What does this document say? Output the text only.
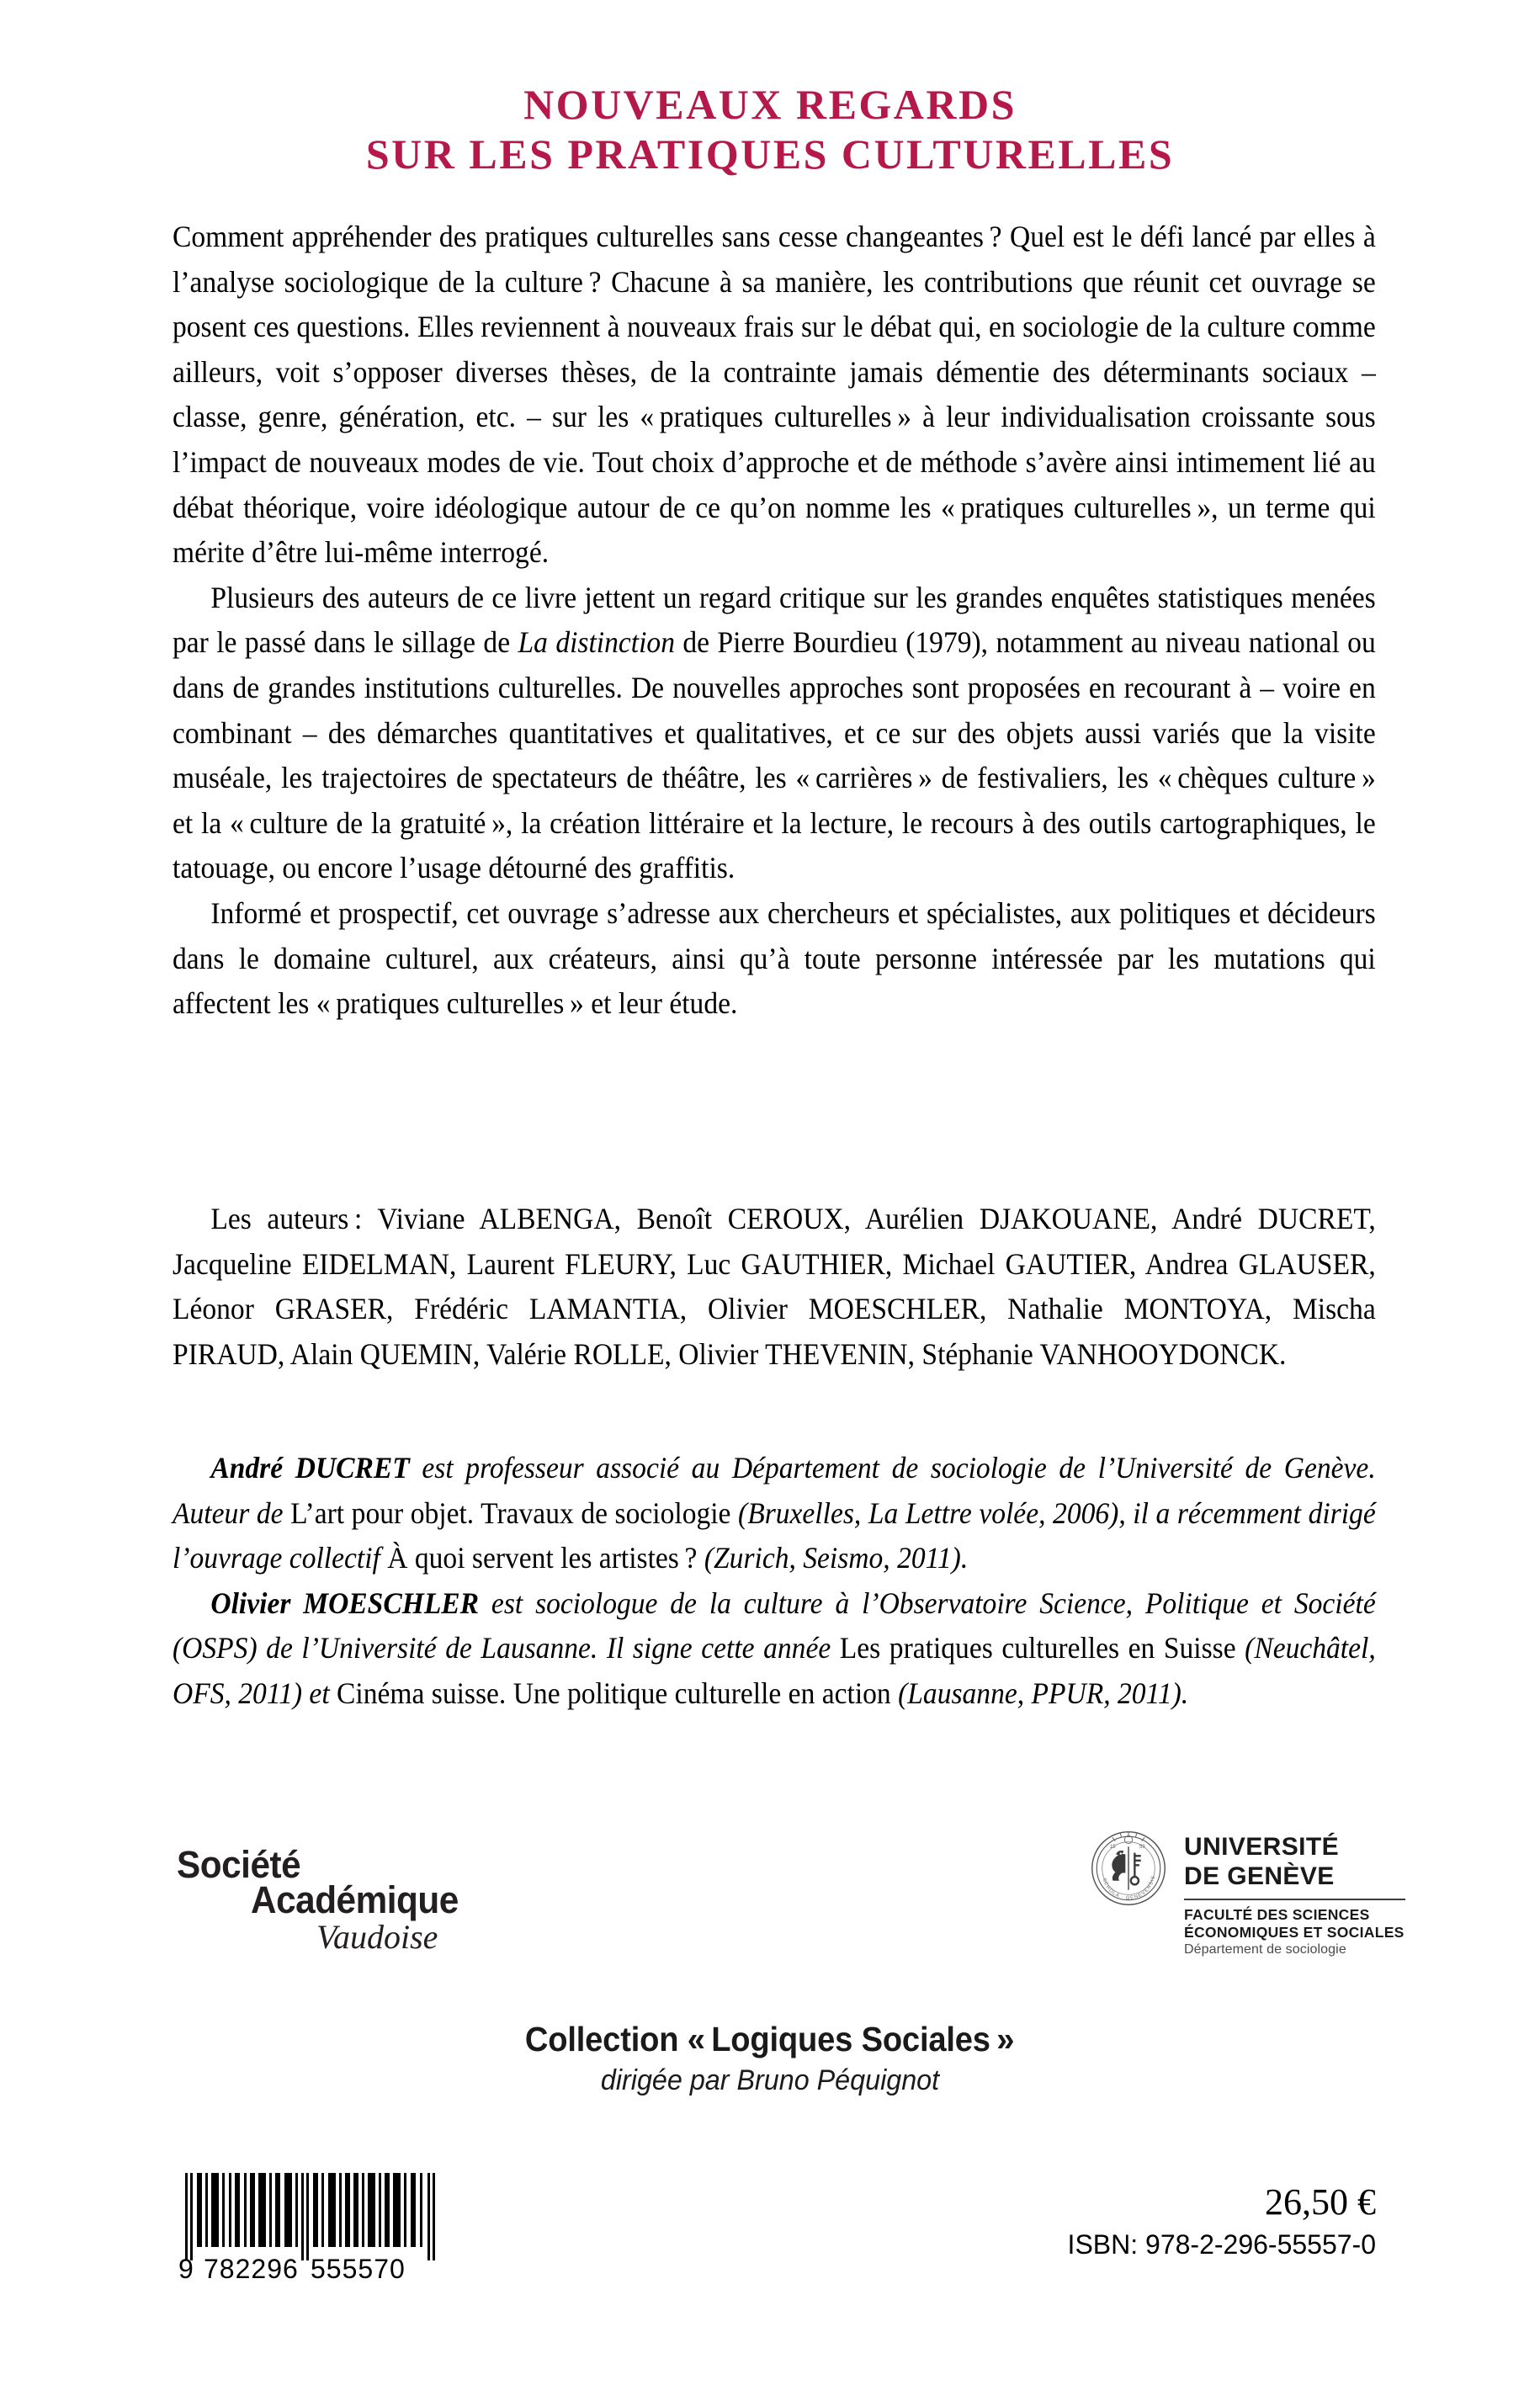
NOUVEAUX REGARDS
SUR LES PRATIQUES CULTURELLES

Comment appréhender des pratiques culturelles sans cesse changeantes ? Quel est le défi lancé par elles à l’analyse sociologique de la culture ? Chacune à sa manière, les contributions que réunit cet ouvrage se posent ces questions. Elles reviennent à nouveaux frais sur le débat qui, en sociologie de la culture comme ailleurs, voit s’opposer diverses thèses, de la contrainte jamais démentie des déterminants sociaux – classe, genre, génération, etc. – sur les « pratiques culturelles » à leur individualisation croissante sous l’impact de nouveaux modes de vie. Tout choix d’approche et de méthode s’avère ainsi intimement lié au débat théorique, voire idéologique autour de ce qu’on nomme les « pratiques culturelles », un terme qui mérite d’être lui-même interrogé.

Plusieurs des auteurs de ce livre jettent un regard critique sur les grandes enquêtes statistiques menées par le passé dans le sillage de La distinction de Pierre Bourdieu (1979), notamment au niveau national ou dans de grandes institutions culturelles. De nouvelles approches sont proposées en recourant à – voire en combinant – des démarches quantitatives et qualitatives, et ce sur des objets aussi variés que la visite muséale, les trajectoires de spectateurs de théâtre, les « carrières » de festivaliers, les « chèques culture » et la « culture de la gratuité », la création littéraire et la lecture, le recours à des outils cartographiques, le tatouage, ou encore l’usage détourné des graffitis.

Informé et prospectif, cet ouvrage s’adresse aux chercheurs et spécialistes, aux politiques et décideurs dans le domaine culturel, aux créateurs, ainsi qu’à toute personne intéressée par les mutations qui affectent les « pratiques culturelles » et leur étude.

Les auteurs : Viviane ALBENGA, Benoît CEROUX, Aurélien DJAKOUANE, André DUCRET, Jacqueline EIDELMAN, Laurent FLEURY, Luc GAUTHIER, Michael GAUTIER, Andrea GLAUSER, Léonor GRASER, Frédéric LAMANTIA, Olivier MOESCHLER, Nathalie MONTOYA, Mischa PIRAUD, Alain QUEMIN, Valérie ROLLE, Olivier THEVENIN, Stéphanie VANHOOYDONCK.

André DUCRET est professeur associé au Département de sociologie de l’Université de Genève. Auteur de L’art pour objet. Travaux de sociologie (Bruxelles, La Lettre volée, 2006), il a récemment dirigé l’ouvrage collectif À quoi servent les artistes ? (Zurich, Seismo, 2011).

Olivier MOESCHLER est sociologue de la culture à l’Observatoire Science, Politique et Société (OSPS) de l’Université de Lausanne. Il signe cette année Les pratiques culturelles en Suisse (Neuchâtel, OFS, 2011) et Cinéma suisse. Une politique culturelle en action (Lausanne, PPUR, 2011).

Société
Académique
Vaudoise
SCHOLA · GENEVENSIS
15	59 UNIVERSITÉ
DE GENÈVE
FACULTÉ DES SCIENCES
ÉCONOMIQUES ET SOCIALES
Département de sociologie
Collection « Logiques Sociales »
dirigée par Bruno Péquignot
9 782296 555570
26,50 €
ISBN: 978-2-296-55557-0
